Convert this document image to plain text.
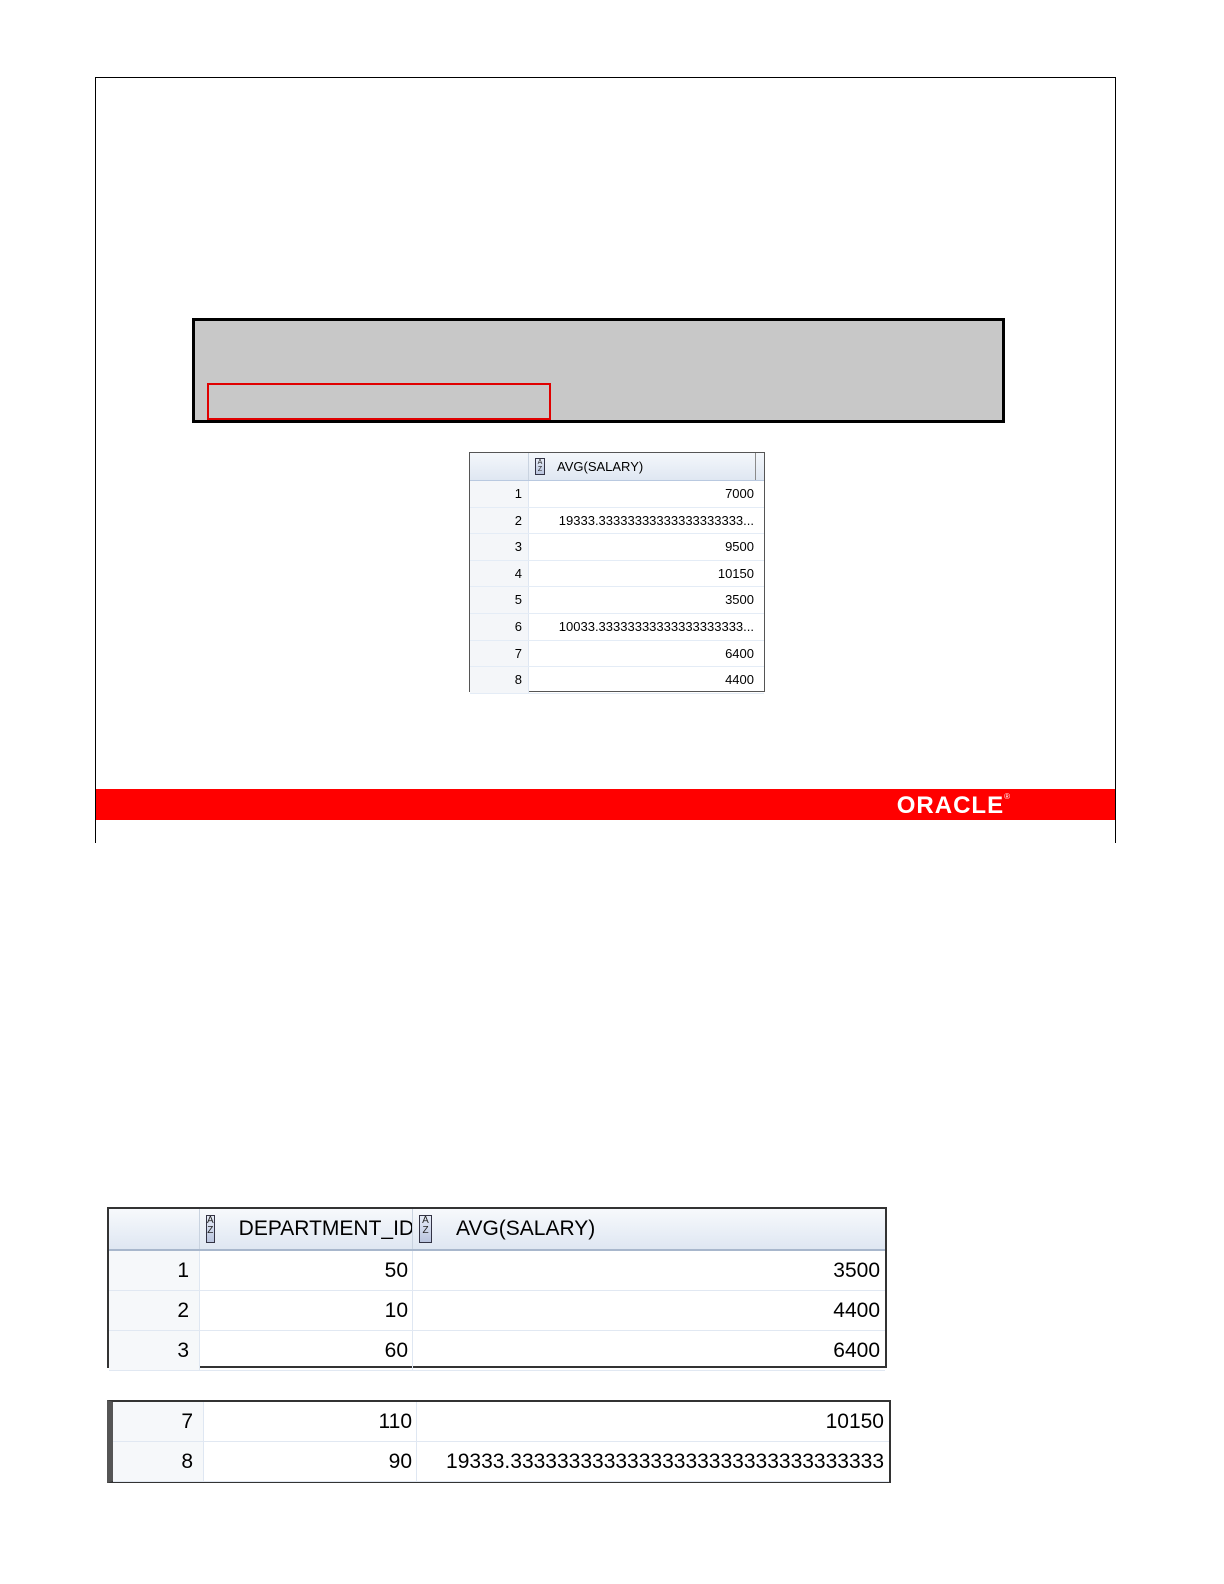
A
Z AVG(SALARY)
1	7000
2	19333.33333333333333333333...
3	9500
4	10150
5	3500
6	10033.33333333333333333333...
7	6400
8	4400
ORACLE®
A
Z DEPARTMENT_ID A
Z AVG(SALARY)
1	50	3500
2	10	4400
3	60	6400
7	110	10150
8	90	19333.33333333333333333333333333333333
